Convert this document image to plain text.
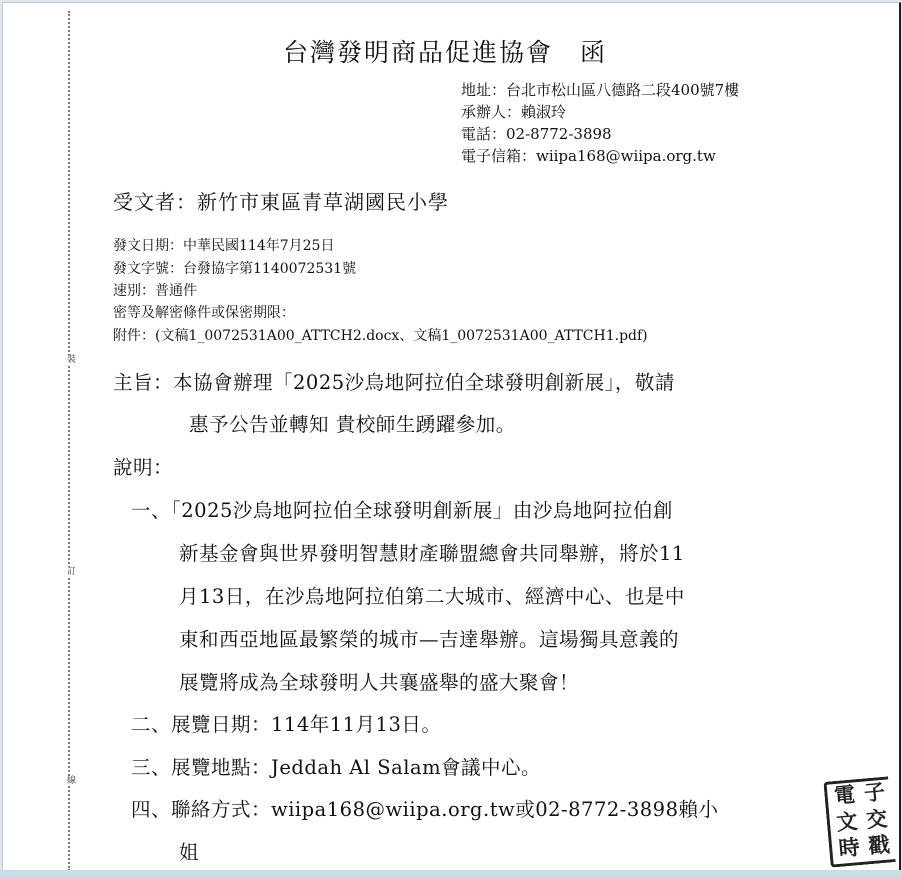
裝
訂
線
台灣發明商品促進協會　函
地址：台北市松山區八德路二段400號7樓
承辦人：賴淑玲
電話：02-8772-3898
電子信箱：wiipa168@wiipa.org.tw
受文者：新竹市東區青草湖國民小學
發文日期：中華民國114年7月25日
發文字號：台發協字第1140072531號
速別：普通件
密等及解密條件或保密期限：
附件：(文稿1_0072531A00_ATTCH2.docx、文稿1_0072531A00_ATTCH1.pdf)
主旨：本協會辦理「2025沙烏地阿拉伯全球發明創新展」，敬請
惠予公告並轉知 貴校師生踴躍參加。
說明：
一、「2025沙烏地阿拉伯全球發明創新展」由沙烏地阿拉伯創
新基金會與世界發明智慧財產聯盟總會共同舉辦，將於11
月13日，在沙烏地阿拉伯第二大城市、經濟中心、也是中
東和西亞地區最繁榮的城市—吉達舉辦。這場獨具意義的
展覽將成為全球發明人共襄盛舉的盛大聚會！
二、展覽日期：114年11月13日。
三、展覽地點：Jeddah Al Salam會議中心。
四、聯絡方式：wiipa168@wiipa.org.tw或02-8772-3898賴小
姐
電 子
文 交
時 戳
